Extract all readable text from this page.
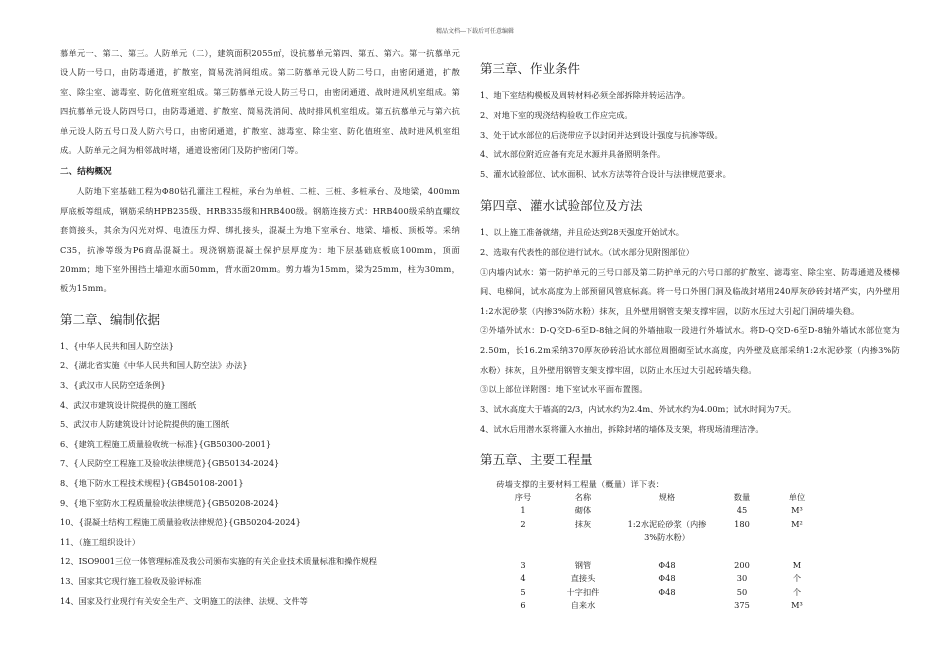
精品文档---下载后可任意编辑

慕单元一、第二、第三。人防单元（二），建筑面积2055㎡，设抗慕单元第四、第五、第六。第一抗慕单元设人防一号口，由防毒通道，扩散室，简易洗消间组成。第二防慕单元设人防二号口，由密闭通道，扩散室、除尘室、滤毒室、防化值班室组成。第三防慕单元设人防三号口，由密闭通道、战时进风机室组成。第四抗慕单元设人防四号口，由防毒通道、扩散室、简易洗消间、战时排风机室组成。第五抗慕单元与第六抗单元设人防五号口及人防六号口，由密闭通道，扩散室、滤毒室、除尘室、防化值班室、战时进风机室组成。人防单元之间为相邻战时堵，通道设密闭门及防护密闭门等。

二、结构概况

人防地下室基础工程为Φ80钻孔灌注工程桩，承台为单桩、二桩、三桩、多桩承台、及地梁，400mm厚底板等组成，钢筋采纳HPB235级、HRB335级和HRB400级。钢筋连接方式：HRB400级采纳直螺纹套筒接头，其余为闪光对焊、电渣压力焊、绑扎接头，混凝土为地下室承台、地梁、墙板、顶板等。采纳C35，抗渗等级为P6商品混凝土。现浇钢筋混凝土保护层厚度为：地下层基础底板底100mm，顶面20mm；地下室外围挡土墙迎水面50mm，背水面20mm。剪力墙为15mm，梁为25mm，柱为30mm，板为15mm。

第二章、编制依据
1、{中华人民共和国人防空法}
2、{湖北省实施《中华人民共和国人防空法》办法}
3、{武汉市人民防空适条例}
4、武汉市建筑设计院提供的施工图纸
5、武汉市人防建筑设计讨论院提供的施工图纸
6、{建筑工程施工质量验收统一标准}{GB50300-2001}
7、{人民防空工程施工及验收法律规范}{GB50134-2024}
8、{地下防水工程技术规程}{GB450108-2001}
9、{地下室防水工程质量验收法律规范}{GB50208-2024}
10、{混凝土结构工程施工质量验收法律规范}{GB50204-2024}
11、（施工组织设计）
12、ISO9001三位一体管理标准及我公司颁布实施的有关企业技术质量标准和操作规程
13、国家其它现行施工验收及验评标准
14、国家及行业现行有关安全生产、文明施工的法律、法规、文件等
第三章、作业条件
1、地下室结构模板及周转材料必须全部拆除并转运洁净。
2、对地下室的现浇结构验收工作应完成。
3、处于试水部位的后浇带应予以封闭并达到设计强度与抗渗等级。
4、试水部位附近应备有充足水源并具备照明条件。
5、灌水试验部位、试水面积、试水方法等符合设计与法律规范要求。
第四章、灌水试验部位及方法
1、以上施工准备就绪，并且砼达到28天强度开始试水。
2、选取有代表性的部位进行试水。（试水部分见附图部位）

①内墙内试水：第一防护单元的三号口部及第二防护单元的六号口部的扩散室、滤毒室、除尘室、防毒通道及楼梯间、电梯间，试水高度为上部预留风管底标高。将一号口外围门洞及临战封堵用240厚灰砂砖封堵严实，内外壁用1:2水泥砂浆（内掺3%防水粉）抹灰，且外壁用钢管支架支撑牢固，以防水压过大引起门洞砖墙失稳。

②外墙外试水：D-Q交D-6至D-8轴之间的外墙抽取一段进行外墙试水。将D-Q交D-6至D-8轴外墙试水部位宽为2.50m，长16.2m采纳370厚灰砂砖沿试水部位周圈砌至试水高度，内外壁及底部采纳1:2水泥砂浆（内掺3%防水粉）抹灰，且外壁用钢管支架支撑牢固，以防止水压过大引起砖墙失稳。

③以上部位详附图：地下室试水平面布置图。

3、试水高度大于墙高的2/3，内试水约为2.4m、外试水约为4.00m；试水时间为7天。
4、试水后用潜水泵将灌入水抽出，拆除封堵的墙体及支架，将现场清理洁净。
第五章、主要工程量

砖墙支撑的主要材料工程量（概量）详下表：

序号	名称	规格	数量	单位
1	砌体		45	M³
2	抹灰	1:2水泥砼砂浆（内掺3%防水粉）	180	M²
3	钢管	Φ48	200	M
4	直接头	Φ48	30	个
5	十字扣件	Φ48	50	个
6	自来水		375	M³
